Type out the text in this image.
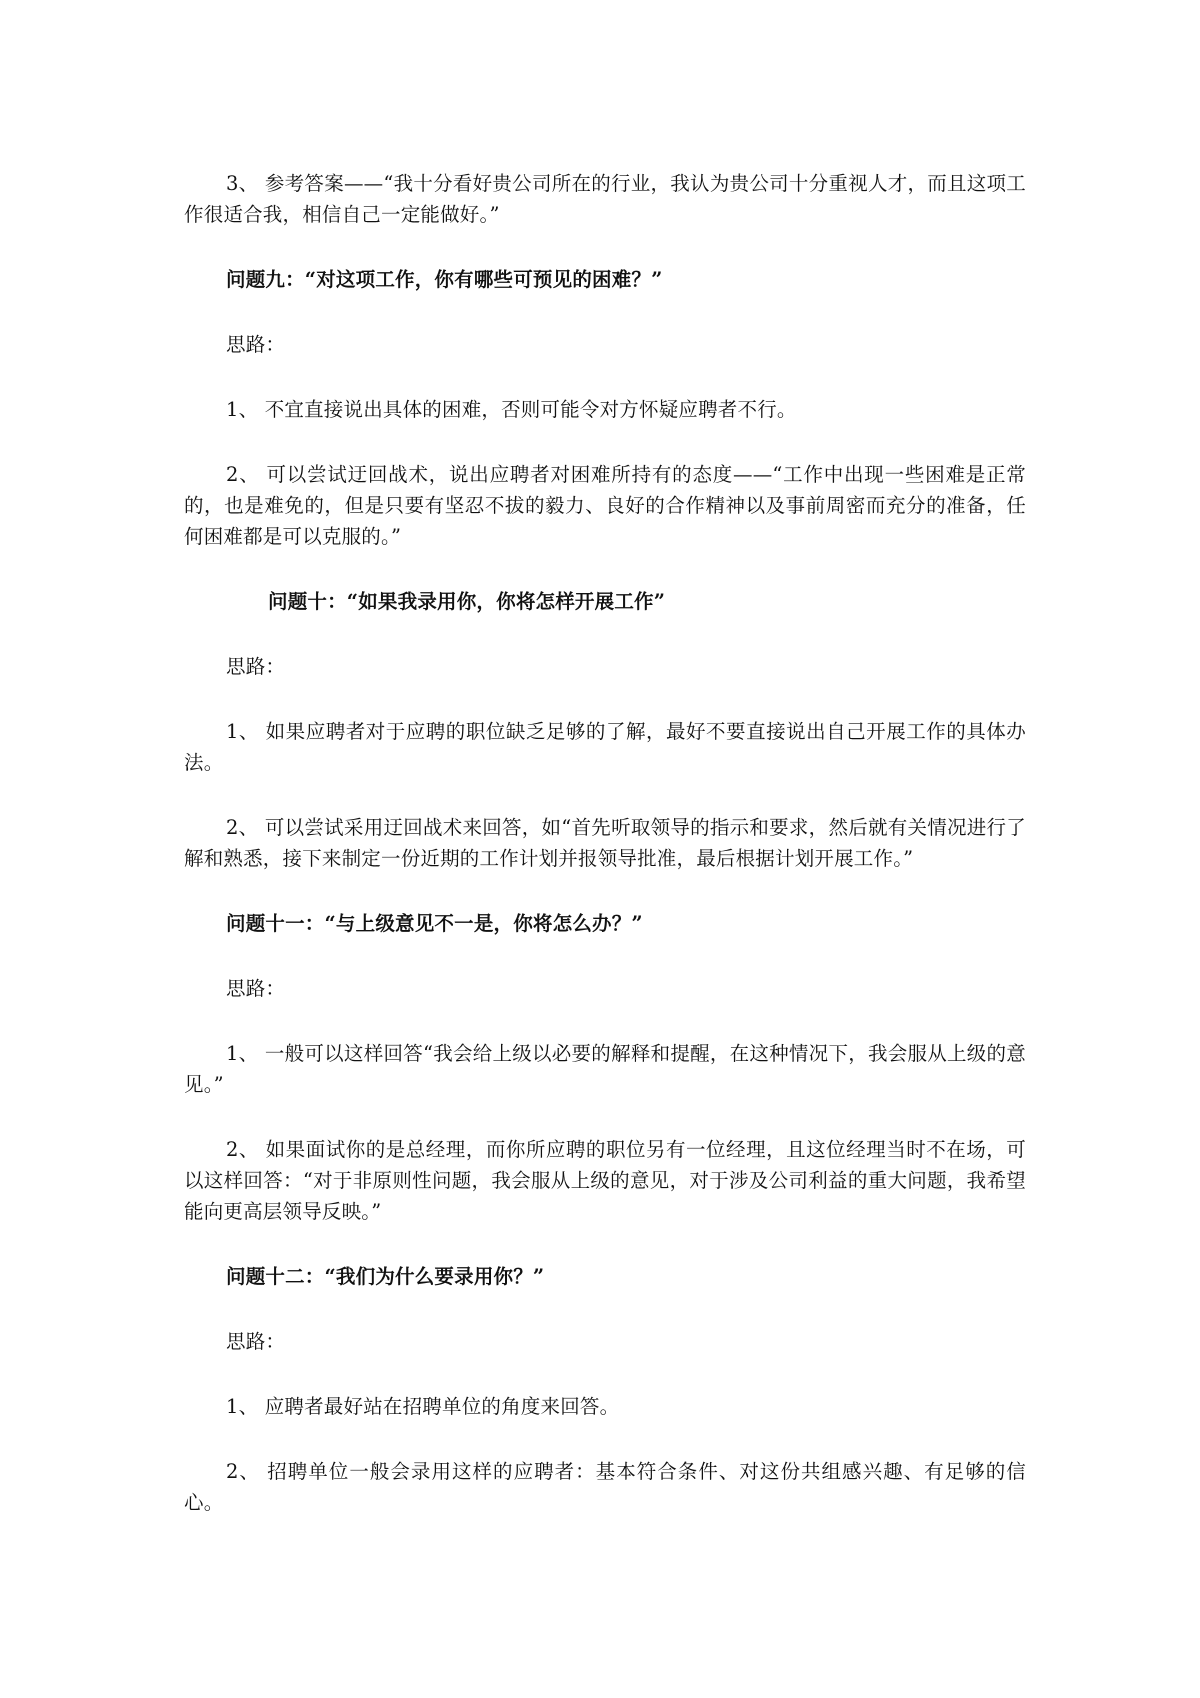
3、 参考答案——“我十分看好贵公司所在的行业，我认为贵公司十分重视人才，而且这项工作很适合我，相信自己一定能做好。”

问题九：“对这项工作，你有哪些可预见的困难？”

思路：

1、 不宜直接说出具体的困难，否则可能令对方怀疑应聘者不行。

2、 可以尝试迂回战术，说出应聘者对困难所持有的态度——“工作中出现一些困难是正常的，也是难免的，但是只要有坚忍不拔的毅力、良好的合作精神以及事前周密而充分的准备，任何困难都是可以克服的。”

问题十：“如果我录用你，你将怎样开展工作”

思路：

1、 如果应聘者对于应聘的职位缺乏足够的了解，最好不要直接说出自己开展工作的具体办法。

2、 可以尝试采用迂回战术来回答，如“首先听取领导的指示和要求，然后就有关情况进行了解和熟悉，接下来制定一份近期的工作计划并报领导批准，最后根据计划开展工作。”

问题十一：“与上级意见不一是，你将怎么办？”

思路：

1、 一般可以这样回答“我会给上级以必要的解释和提醒，在这种情况下，我会服从上级的意见。”

2、 如果面试你的是总经理，而你所应聘的职位另有一位经理，且这位经理当时不在场，可以这样回答：“对于非原则性问题，我会服从上级的意见，对于涉及公司利益的重大问题，我希望能向更高层领导反映。”

问题十二：“我们为什么要录用你？”

思路：

1、 应聘者最好站在招聘单位的角度来回答。

2、 招聘单位一般会录用这样的应聘者：基本符合条件、对这份共组感兴趣、有足够的信心。
